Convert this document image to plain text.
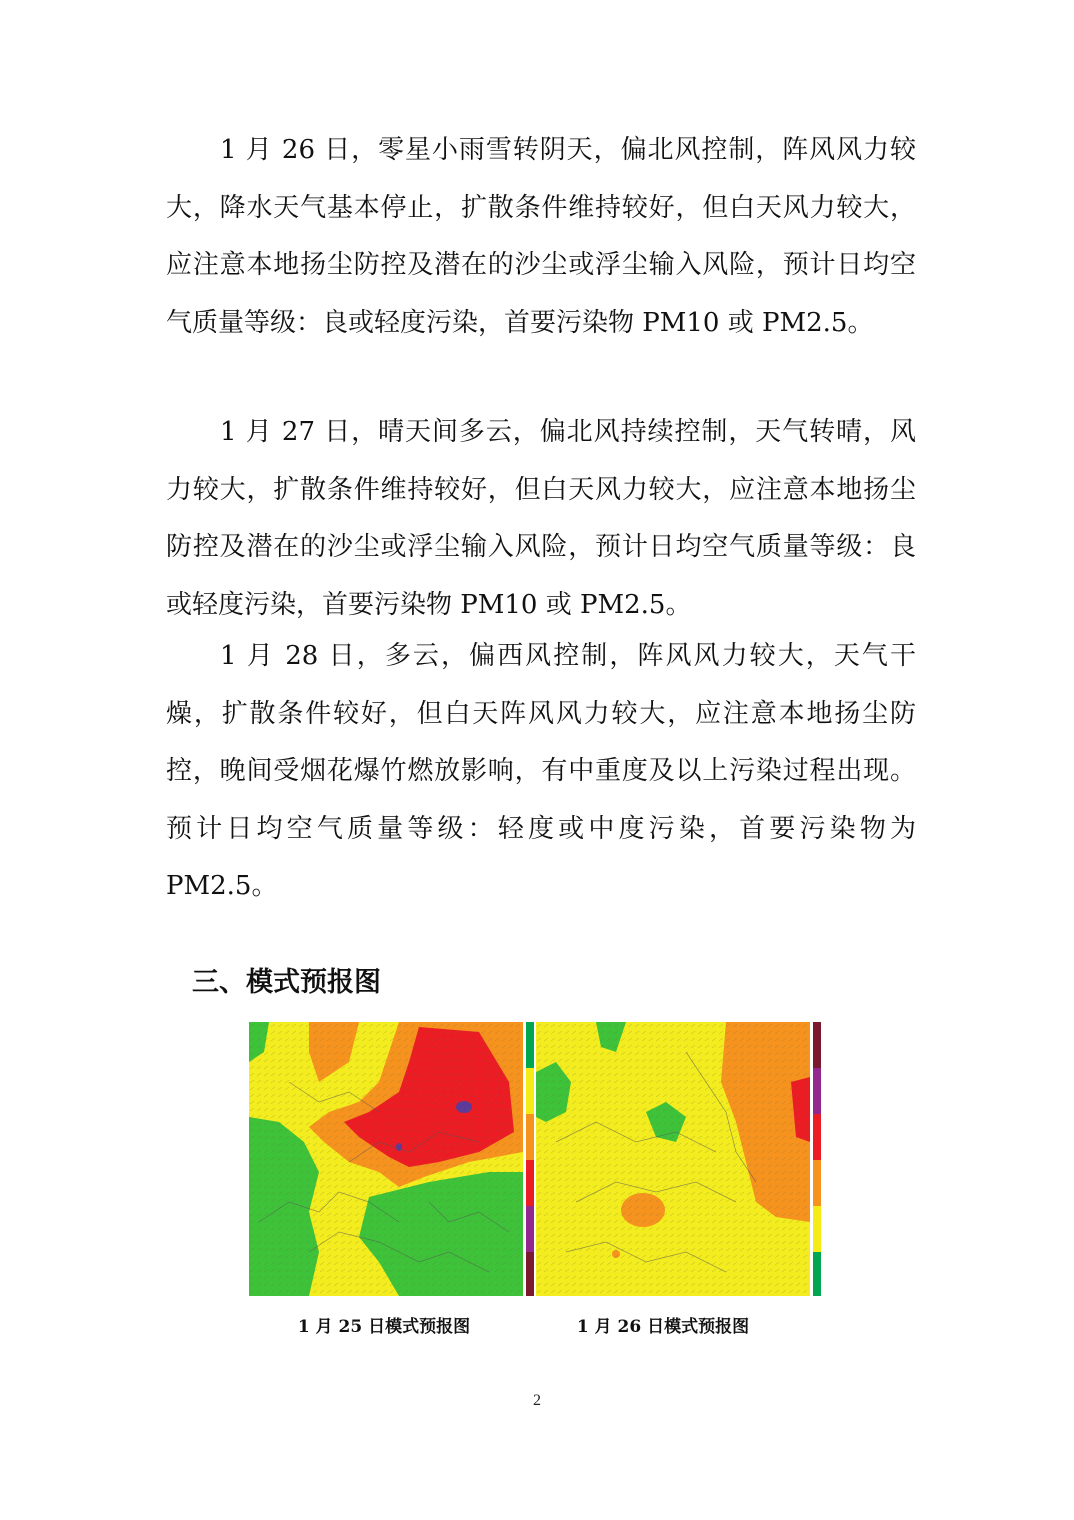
1 月 26 日，零星小雨雪转阴天，偏北风控制，阵风风力较大，降水天气基本停止，扩散条件维持较好，但白天风力较大，应注意本地扬尘防控及潜在的沙尘或浮尘输入风险，预计日均空气质量等级：良或轻度污染，首要污染物 PM10 或 PM2.5。

1 月 27 日，晴天间多云，偏北风持续控制，天气转晴，风力较大，扩散条件维持较好，但白天风力较大，应注意本地扬尘防控及潜在的沙尘或浮尘输入风险，预计日均空气质量等级：良或轻度污染，首要污染物 PM10 或 PM2.5。

1 月 28 日，多云，偏西风控制，阵风风力较大，天气干燥，扩散条件较好，但白天阵风风力较大，应注意本地扬尘防控，晚间受烟花爆竹燃放影响，有中重度及以上污染过程出现。预计日均空气质量等级：轻度或中度污染，首要污染物为 PM2.5。

三、模式预报图
1 月 25 日模式预报图	1 月 26 日模式预报图
2
